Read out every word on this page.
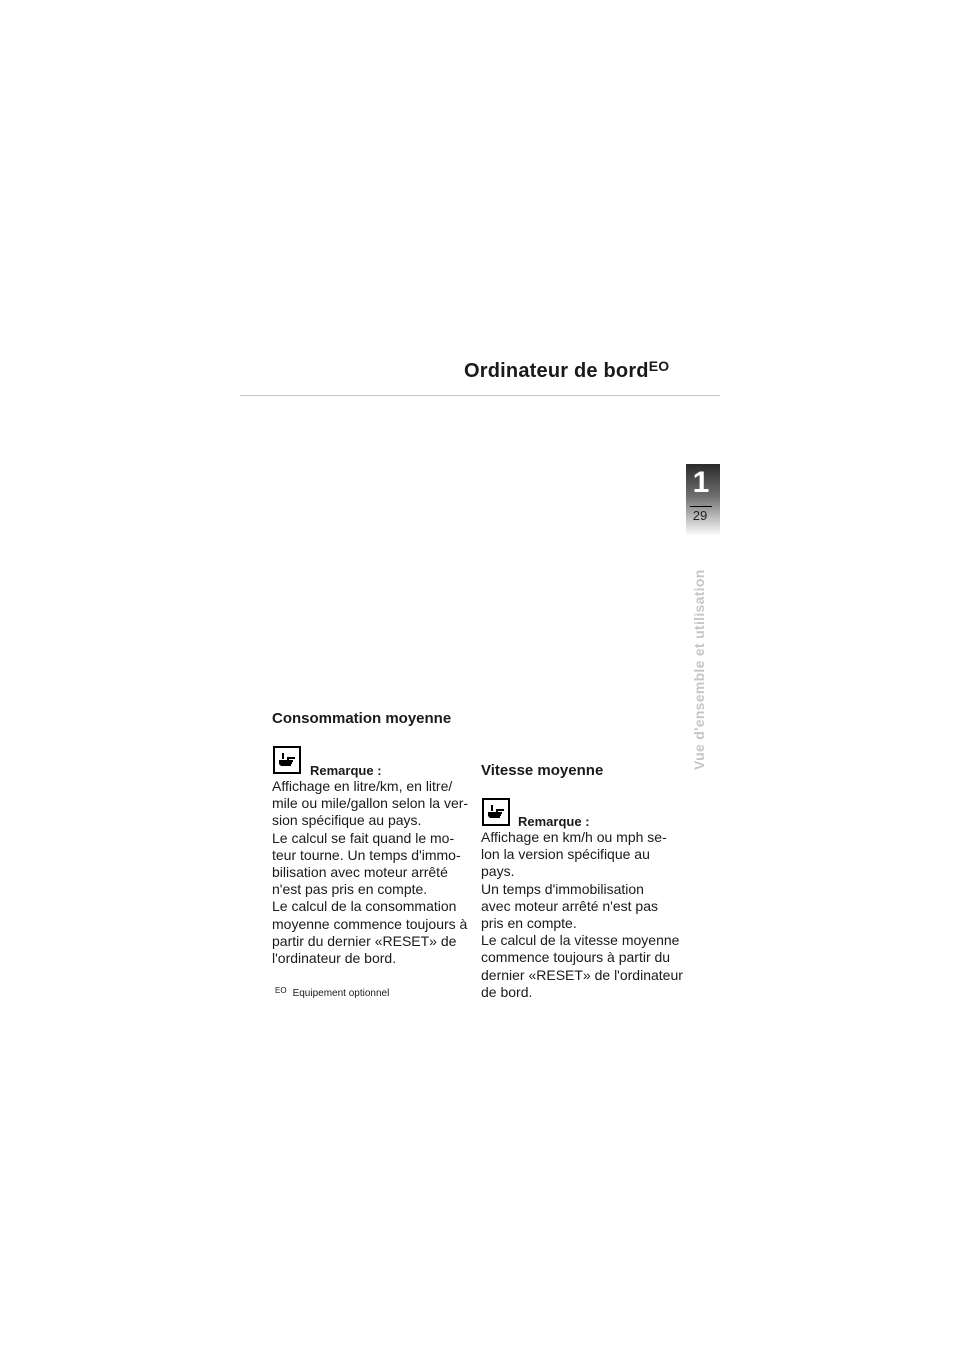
Ordinateur de bord$^{EO}$
1
29
Vue d'ensemble et utilisation
Consommation moyenne
Remarque :

Affichage en litre/km, en litre/

mile ou mile/gallon selon la ver-

sion spécifique au pays.

Le calcul se fait quand le mo-

teur tourne. Un temps d'immo-

bilisation avec moteur arrêté

n'est pas pris en compte.

Le calcul de la consommation

moyenne commence toujours à

partir du dernier «RESET» de

l'ordinateur de bord.

Vitesse moyenne
Remarque :

Affichage en km/h ou mph se-

lon la version spécifique au

pays.

Un temps d'immobilisation

avec moteur arrêté n'est pas

pris en compte.

Le calcul de la vitesse moyenne

commence toujours à partir du

dernier «RESET» de l'ordinateur

de bord.

$^{EO}$ Equipement optionnel
